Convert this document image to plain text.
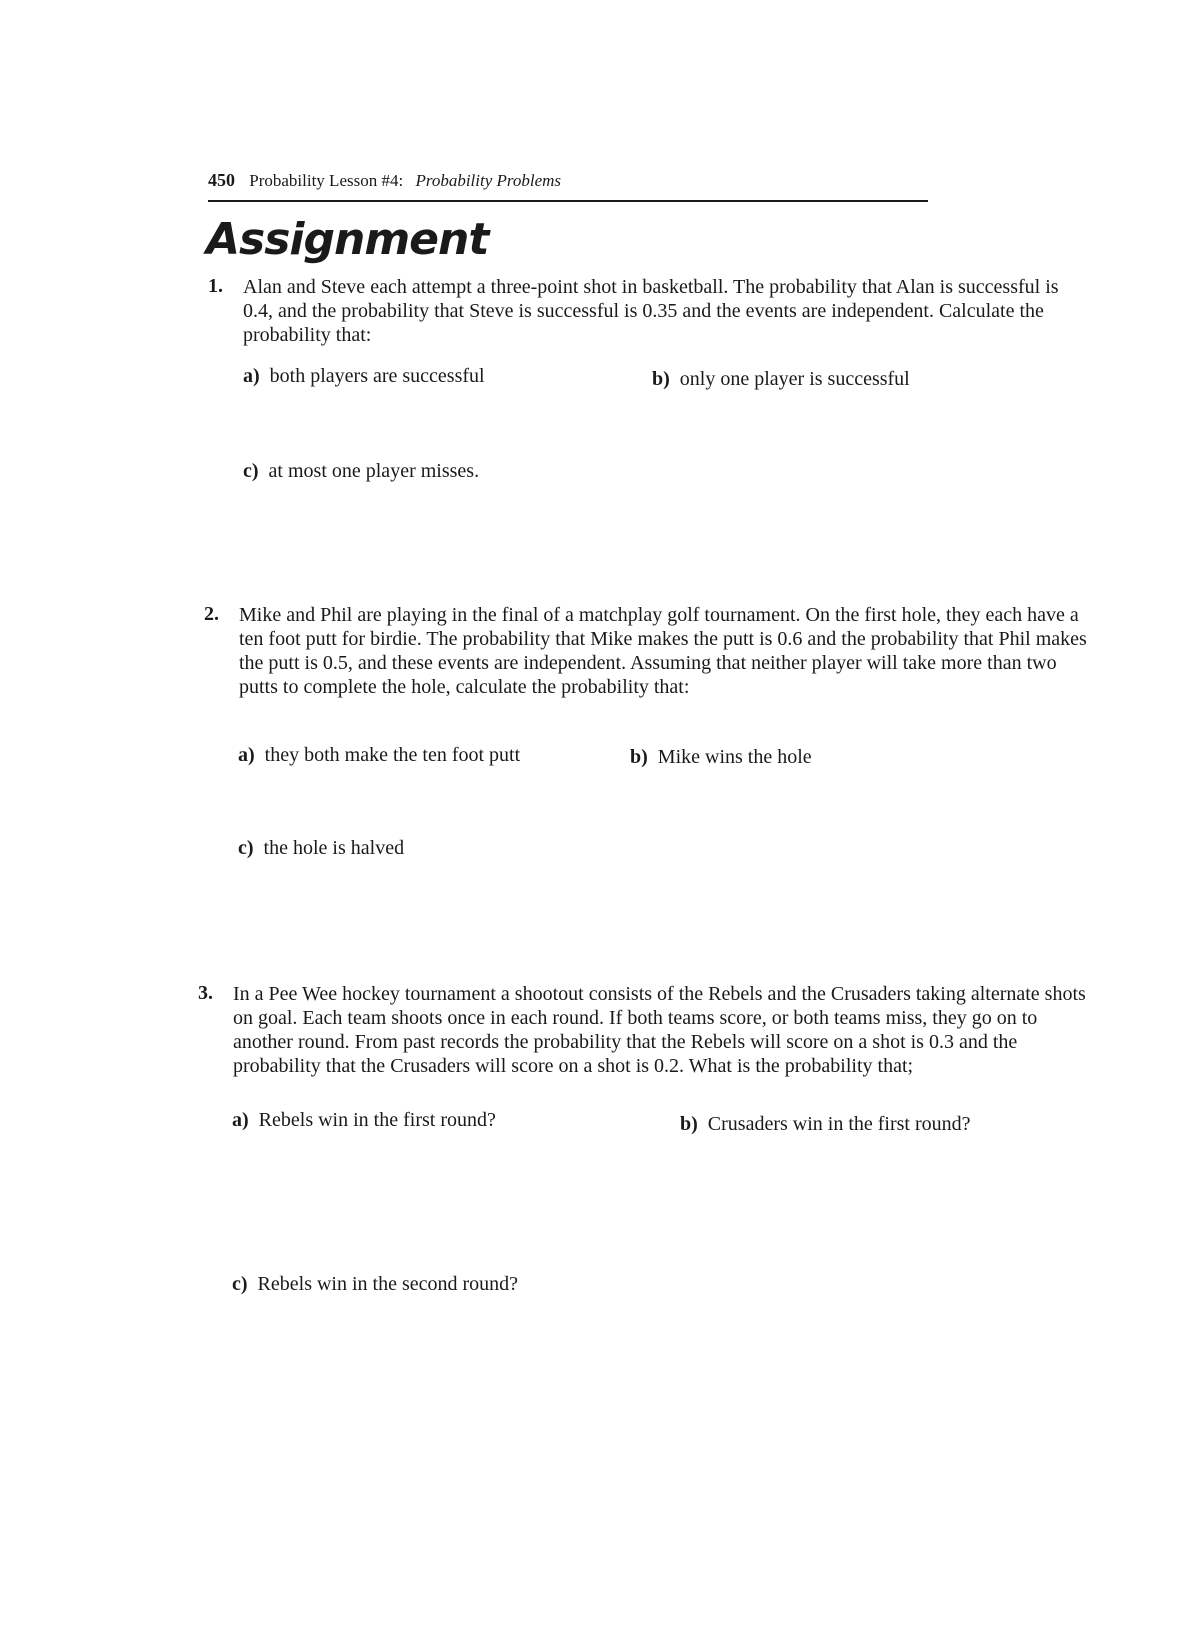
450 Probability Lesson #4: Probability Problems
Assignment
1. Alan and Steve each attempt a three-point shot in basketball. The probability that Alan is successful is 0.4, and the probability that Steve is successful is 0.35 and the events are independent. Calculate the probability that:
a) both players are successful	b) only one player is successful
c) at most one player misses.
2. Mike and Phil are playing in the final of a matchplay golf tournament. On the first hole, they each have a ten foot putt for birdie. The probability that Mike makes the putt is 0.6 and the probability that Phil makes the putt is 0.5, and these events are independent. Assuming that neither player will take more than two putts to complete the hole, calculate the probability that:
a) they both make the ten foot putt	b) Mike wins the hole
c) the hole is halved
3. In a Pee Wee hockey tournament a shootout consists of the Rebels and the Crusaders taking alternate shots on goal. Each team shoots once in each round. If both teams score, or both teams miss, they go on to another round. From past records the probability that the Rebels will score on a shot is 0.3 and the probability that the Crusaders will score on a shot is 0.2. What is the probability that;
a) Rebels win in the first round?	b) Crusaders win in the first round?
c) Rebels win in the second round?
